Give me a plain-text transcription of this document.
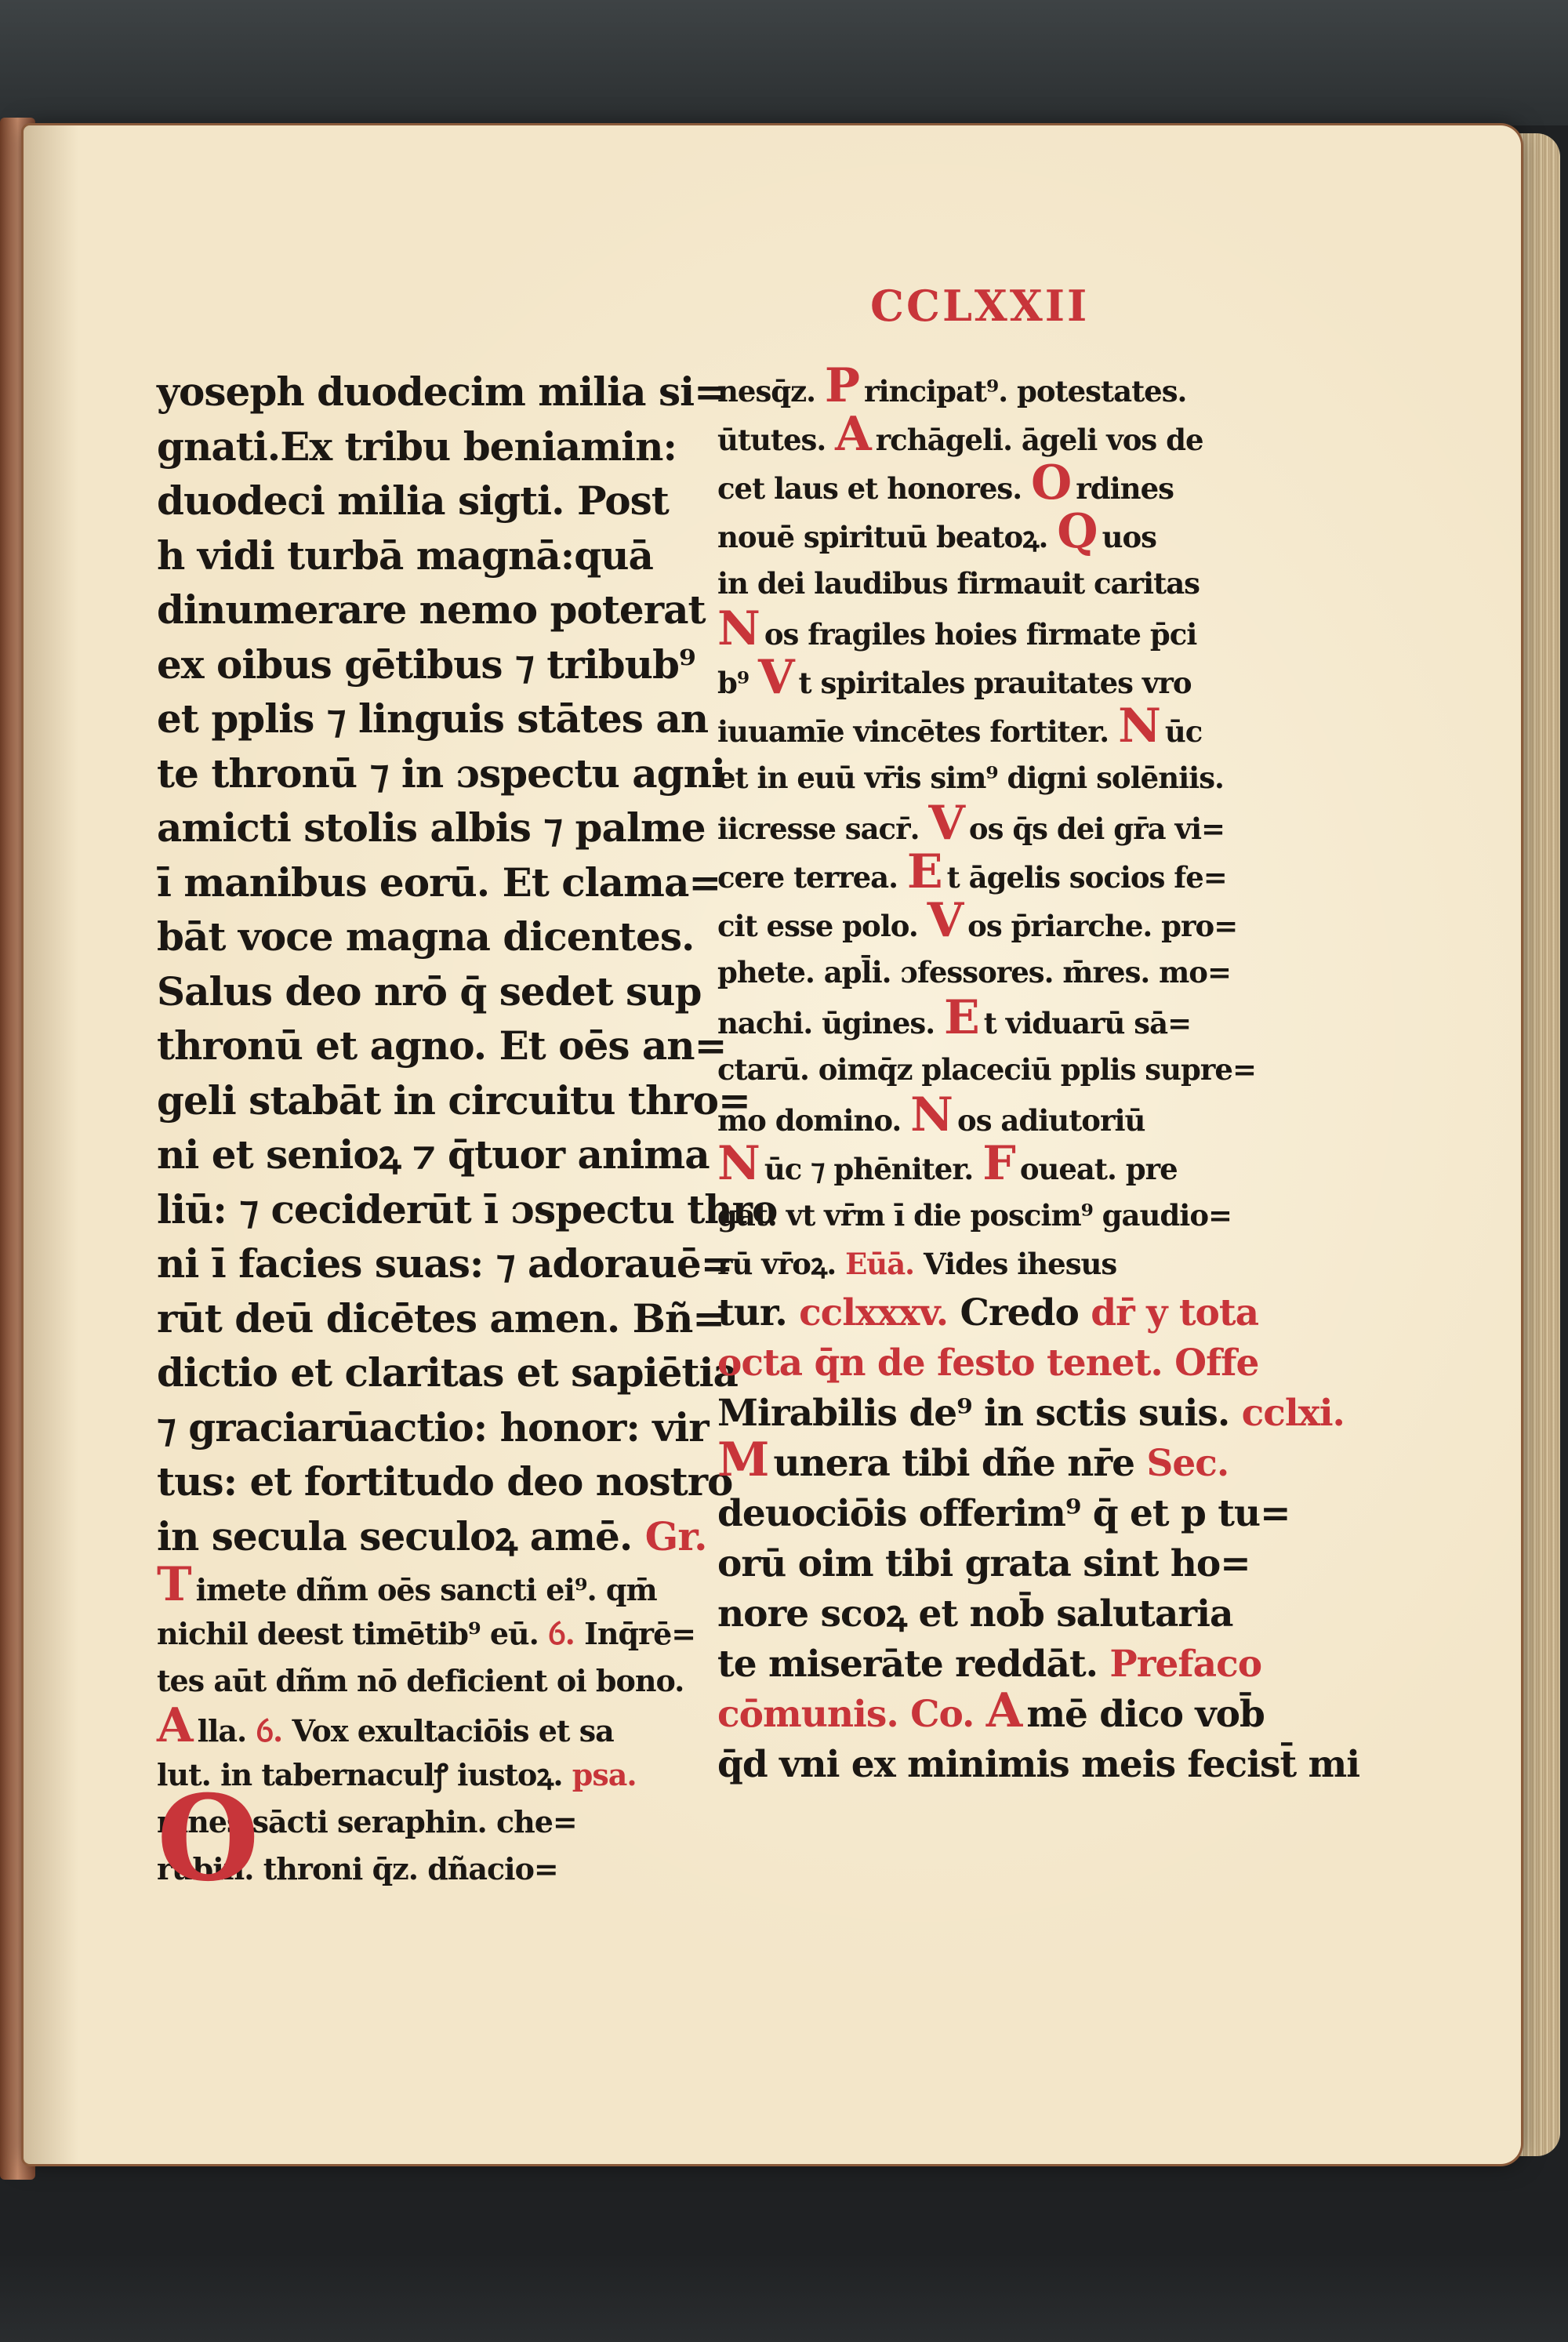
CCLXXII
yoseph duodecim milia si=
gnati.Ex tribu beniamin:
duodeci milia sigti. Post
h vidi turbā magnā:quā
dinumerare nemo poterat
ex oibus gētibus ⁊ tribub⁹
et pplis ⁊ linguis stātes an
te thronū ⁊ in ɔspectu agni
amicti stolis albis ⁊ palme
ī manibus eorū. Et clama=
bāt voce magna dicentes.
Salus deo nrō q̄ sedet sup
thronū et agno. Et oēs an=
geli stabāt in circuitu thro=
ni et senioꝝ ⁊ q̄tuor anima
liū: ⁊ ceciderūt ī ɔspectu thro
ni ī facies suas: ⁊ adorauē=
rūt deū dicētes amen. Bñ=
dictio et claritas et sapiētia
⁊ graciarūactio: honor: vir
tus: et fortitudo deo nostro
in secula seculoꝝ amē. Gr.
Timete dñm oēs sancti ei⁹. qm̄
nichil deest timētib⁹ eū. ỽ. Inq̄rē=
tes aūt dñm nō deficient oi bono.
Alla. ỽ. Vox exultaciōis et sa
lut. in tabernaculꝭ iustoꝝ. psa.
mnes sācti seraphin. che=
rubin. throni q̄z. dñacio=
O
nesq̄z. P rincipat⁹. potestates.
ūtutes. A rchāgeli. āgeli vos de
cet laus et honores. O rdines
nouē spirituū beatoꝝ. Q uos
in dei laudibus firmauit caritas
Nos fragiles hoies firmate p̄ci
b⁹ V t spiritales prauitates vro
iuuamīe vincētes fortiter. N ūc
et in euū vr̄is sim⁹ digni solēniis.
iicresse sacr̄. V os q̄s dei gr̄a vi=
cere terrea. E t āgelis socios fe=
cit esse polo. V os p̄riarche. pro=
phete. apl̄i. ɔfessores. m̄res. mo=
nachi. ūgines. E t viduarū sā=
ctarū. oimq̄z placeciū pplis supre=
mo domino. N os adiutoriū
Nūc ⁊ phēniter. F oueat. pre
gat. vt vr̄m ī die poscim⁹ gaudio=
rū vr̄oꝝ. Eūā. Vides ihesus
tur. cclxxxv. Credo dr̄ y tota
octa q̄n de festo tenet. Offe
Mirabilis de⁹ in sctis suis. cclxi.
M unera tibi dñe nr̄e Sec.
deuociōis offerim⁹ q̄ et p tu=
orū oim tibi grata sint ho=
nore scoꝝ et nob̄ salutaria
te miserāte reddāt. Prefaco
cōmunis. Co. A mē dico vob̄
q̄d vni ex minimis meis fecist̄ mi
